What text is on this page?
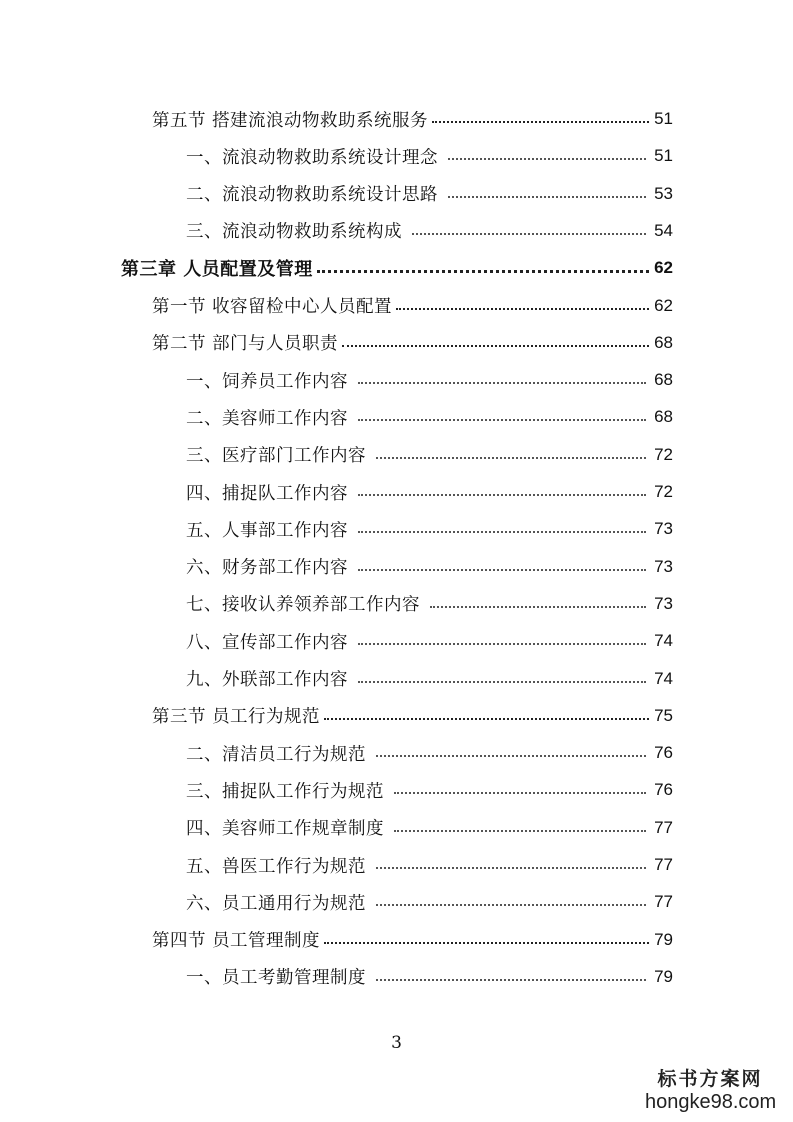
第五节 搭建流浪动物救助系统服务	51
一、流浪动物救助系统设计理念	51
二、流浪动物救助系统设计思路	53
三、流浪动物救助系统构成	54
第三章 人员配置及管理	62
第一节 收容留检中心人员配置	62
第二节 部门与人员职责	68
一、饲养员工作内容	68
二、美容师工作内容	68
三、医疗部门工作内容	72
四、捕捉队工作内容	72
五、人事部工作内容	73
六、财务部工作内容	73
七、接收认养领养部工作内容	73
八、宣传部工作内容	74
九、外联部工作内容	74
第三节 员工行为规范	75
二、清洁员工行为规范	76
三、捕捉队工作行为规范	76
四、美容师工作规章制度	77
五、兽医工作行为规范	77
六、员工通用行为规范	77
第四节 员工管理制度	79
一、员工考勤管理制度	79
3
标书方案网
hongke98.com
